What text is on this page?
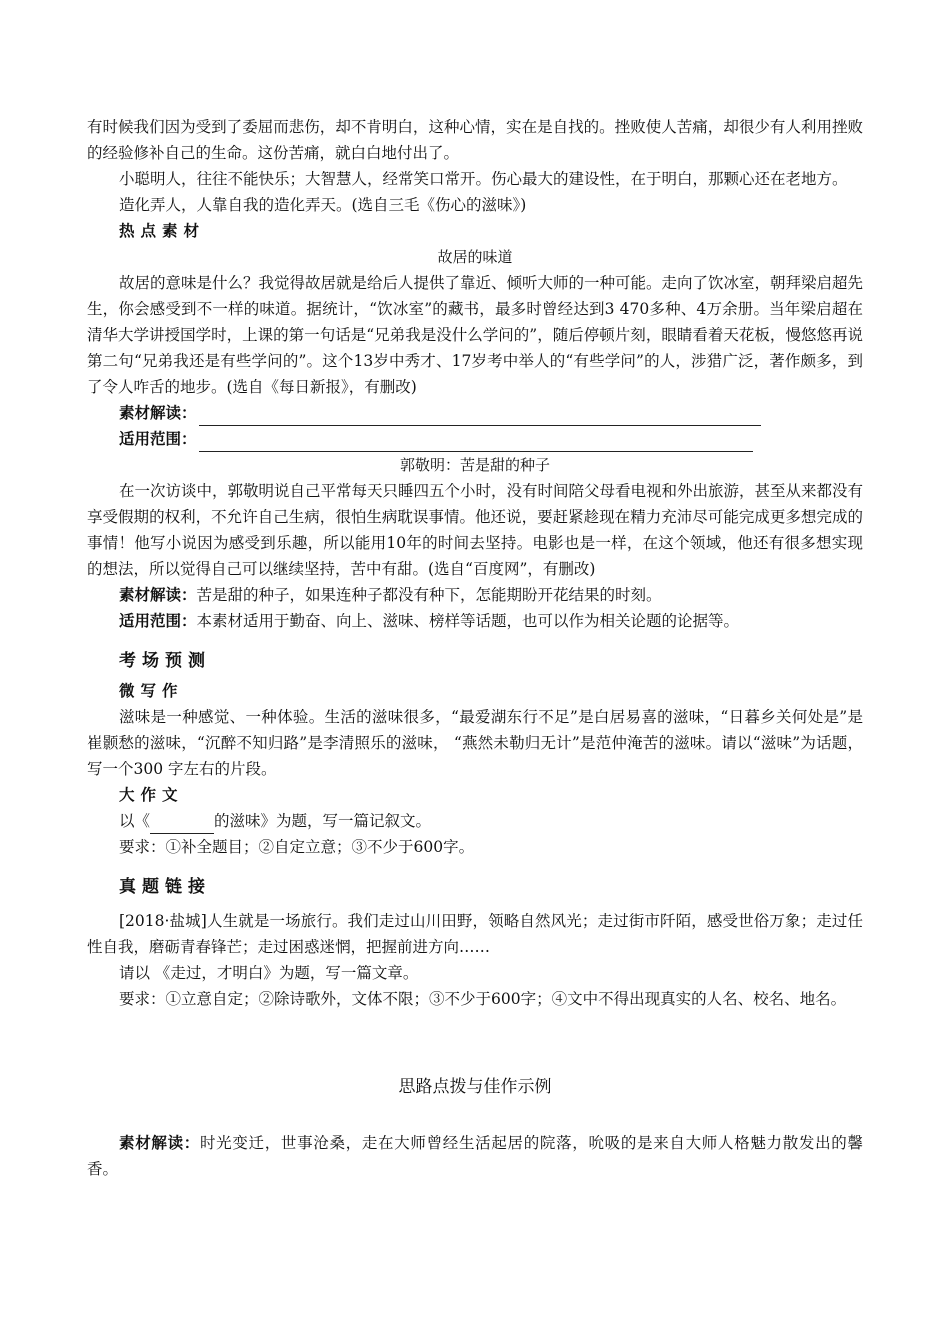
有时候我们因为受到了委屈而悲伤，却不肯明白，这种心情，实在是自找的。挫败使人苦痛，却很少有人利用挫败的经验修补自己的生命。这份苦痛，就白白地付出了。

小聪明人，往往不能快乐；大智慧人，经常笑口常开。伤心最大的建设性，在于明白，那颗心还在老地方。

造化弄人，人靠自我的造化弄天。(选自三毛《伤心的滋味》)

热点素材
故居的味道

故居的意味是什么？我觉得故居就是给后人提供了靠近、倾听大师的一种可能。走向了饮冰室，朝拜梁启超先生，你会感受到不一样的味道。据统计，“饮冰室”的藏书，最多时曾经达到3 470多种、4万余册。当年梁启超在清华大学讲授国学时，上课的第一句话是“兄弟我是没什么学问的”，随后停顿片刻，眼睛看着天花板，慢悠悠再说第二句“兄弟我还是有些学问的”。这个13岁中秀才、17岁考中举人的“有些学问”的人，涉猎广泛，著作颇多，到了令人咋舌的地步。(选自《每日新报》，有删改)

素材解读：
适用范围：
郭敬明：苦是甜的种子

在一次访谈中，郭敬明说自己平常每天只睡四五个小时，没有时间陪父母看电视和外出旅游，甚至从来都没有享受假期的权利，不允许自己生病，很怕生病耽误事情。他还说，要赶紧趁现在精力充沛尽可能完成更多想完成的事情！他写小说因为感受到乐趣，所以能用10年的时间去坚持。电影也是一样，在这个领域，他还有很多想实现的想法，所以觉得自己可以继续坚持，苦中有甜。(选自“百度网”，有删改)

素材解读：苦是甜的种子，如果连种子都没有种下，怎能期盼开花结果的时刻。

适用范围：本素材适用于勤奋、向上、滋味、榜样等话题，也可以作为相关论题的论据等。

考场预测
微写作

滋味是一种感觉、一种体验。生活的滋味很多，“最爱湖东行不足”是白居易喜的滋味，“日暮乡关何处是”是崔颢愁的滋味，“沉醉不知归路”是李清照乐的滋味， “燕然未勒归无计”是范仲淹苦的滋味。请以“滋味”为话题，写一个300 字左右的片段。

大作文

以《	的滋味》为题，写一篇记叙文。

要求：①补全题目；②自定立意；③不少于600字。

真题链接

[2018·盐城]人生就是一场旅行。我们走过山川田野，领略自然风光；走过街市阡陌，感受世俗万象；走过任性自我，磨砺青春锋芒；走过困惑迷惘，把握前进方向……

请以 《走过，才明白》为题，写一篇文章。

要求：①立意自定；②除诗歌外，文体不限；③不少于600字；④文中不得出现真实的人名、校名、地名。

思路点拨与佳作示例

素材解读：时光变迁，世事沧桑，走在大师曾经生活起居的院落，吮吸的是来自大师人格魅力散发出的馨香。
